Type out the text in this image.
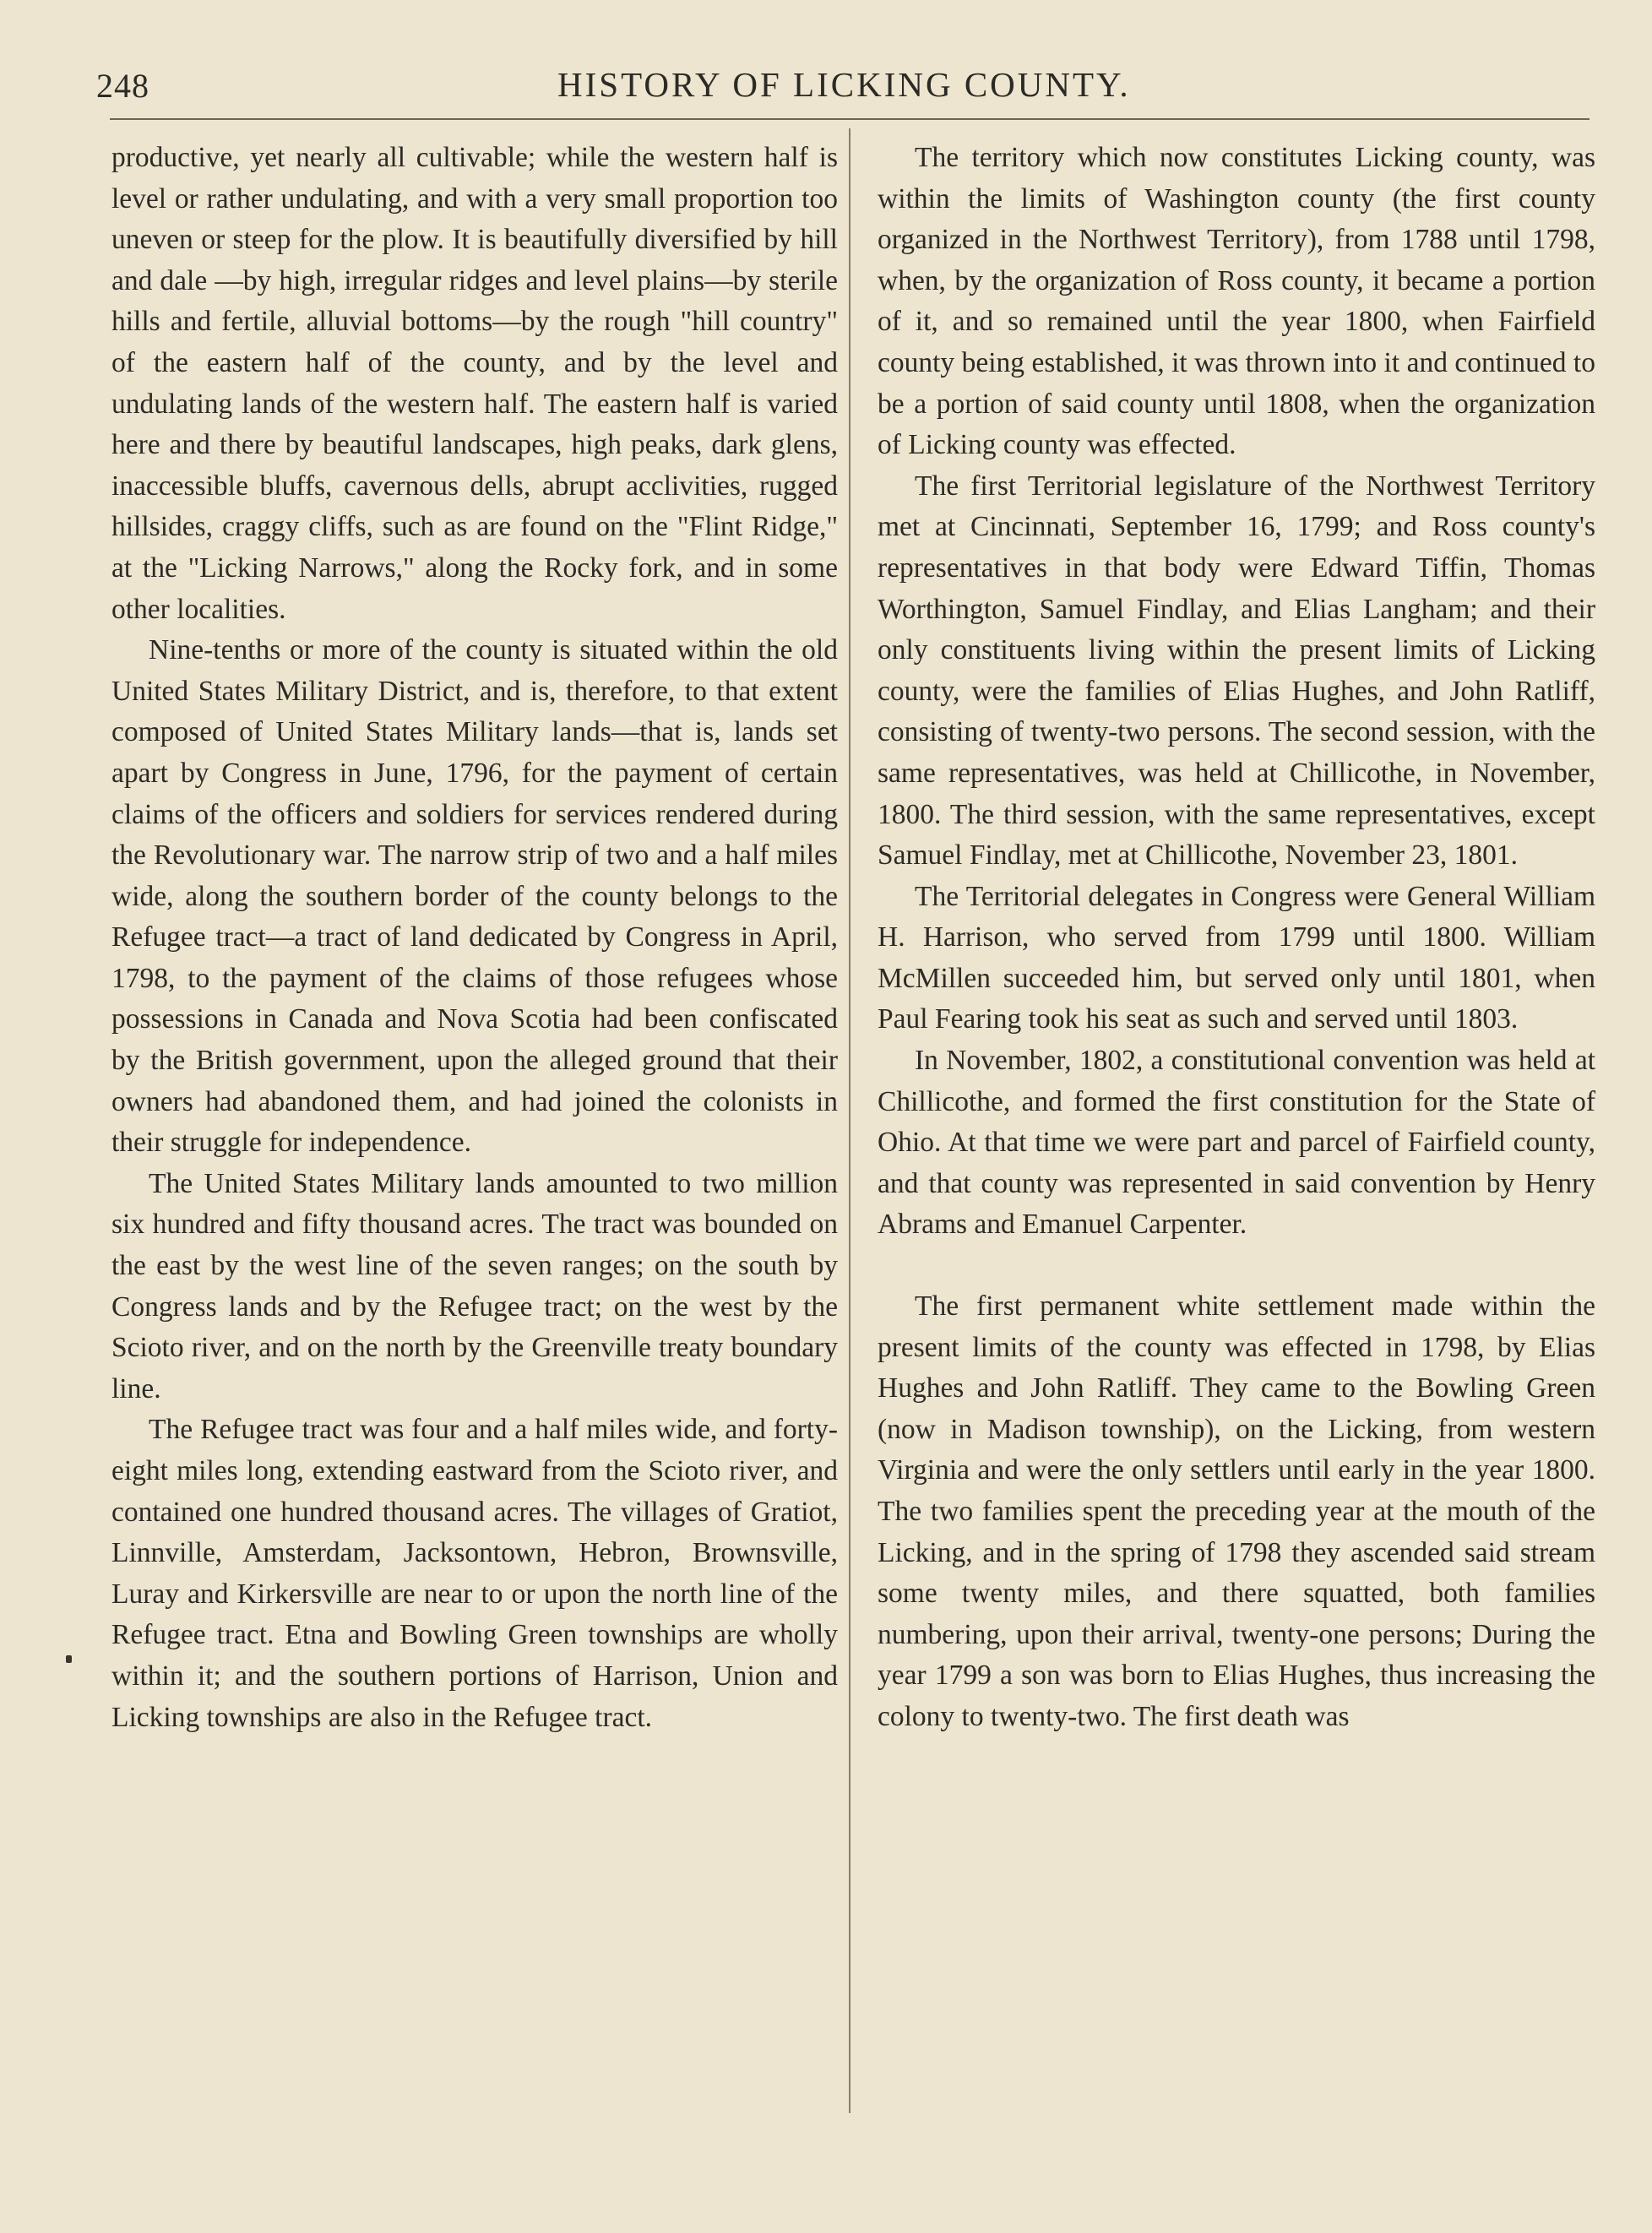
248	HISTORY OF LICKING COUNTY.

productive, yet nearly all cultivable; while the western half is level or rather undulating, and with a very small proportion too uneven or steep for the plow. It is beautifully diversified by hill and dale —by high, irregular ridges and level plains—by sterile hills and fertile, alluvial bottoms—by the rough "hill country" of the eastern half of the county, and by the level and undulating lands of the western half. The eastern half is varied here and there by beautiful landscapes, high peaks, dark glens, inaccessible bluffs, cavernous dells, abrupt acclivities, rugged hillsides, craggy cliffs, such as are found on the "Flint Ridge," at the "Licking Narrows," along the Rocky fork, and in some other localities.

Nine-tenths or more of the county is situated within the old United States Military District, and is, therefore, to that extent composed of United States Military lands—that is, lands set apart by Congress in June, 1796, for the payment of certain claims of the officers and soldiers for services rendered during the Revolutionary war. The narrow strip of two and a half miles wide, along the southern border of the county belongs to the Refugee tract—a tract of land dedicated by Congress in April, 1798, to the payment of the claims of those refugees whose possessions in Canada and Nova Scotia had been confiscated by the British government, upon the alleged ground that their owners had abandoned them, and had joined the colonists in their struggle for independence.

The United States Military lands amounted to two million six hundred and fifty thousand acres. The tract was bounded on the east by the west line of the seven ranges; on the south by Congress lands and by the Refugee tract; on the west by the Scioto river, and on the north by the Greenville treaty boundary line.

The Refugee tract was four and a half miles wide, and forty-eight miles long, extending eastward from the Scioto river, and contained one hundred thousand acres. The villages of Gratiot, Linnville, Amsterdam, Jacksontown, Hebron, Brownsville, Luray and Kirkersville are near to or upon the north line of the Refugee tract. Etna and Bowling Green townships are wholly within it; and the southern portions of Harrison, Union and Licking townships are also in the Refugee tract.

The territory which now constitutes Licking county, was within the limits of Washington county (the first county organized in the Northwest Territory), from 1788 until 1798, when, by the organization of Ross county, it became a portion of it, and so remained until the year 1800, when Fairfield county being established, it was thrown into it and continued to be a portion of said county until 1808, when the organization of Licking county was effected.

The first Territorial legislature of the Northwest Territory met at Cincinnati, September 16, 1799; and Ross county's representatives in that body were Edward Tiffin, Thomas Worthington, Samuel Findlay, and Elias Langham; and their only constituents living within the present limits of Licking county, were the families of Elias Hughes, and John Ratliff, consisting of twenty-two persons. The second session, with the same representatives, was held at Chillicothe, in November, 1800. The third session, with the same representatives, except Samuel Findlay, met at Chillicothe, November 23, 1801.

The Territorial delegates in Congress were General William H. Harrison, who served from 1799 until 1800. William McMillen succeeded him, but served only until 1801, when Paul Fearing took his seat as such and served until 1803.

In November, 1802, a constitutional convention was held at Chillicothe, and formed the first constitution for the State of Ohio. At that time we were part and parcel of Fairfield county, and that county was represented in said convention by Henry Abrams and Emanuel Carpenter.

The first permanent white settlement made within the present limits of the county was effected in 1798, by Elias Hughes and John Ratliff. They came to the Bowling Green (now in Madison township), on the Licking, from western Virginia and were the only settlers until early in the year 1800. The two families spent the preceding year at the mouth of the Licking, and in the spring of 1798 they ascended said stream some twenty miles, and there squatted, both families numbering, upon their arrival, twenty-one persons; During the year 1799 a son was born to Elias Hughes, thus increasing the colony to twenty-two. The first death was
